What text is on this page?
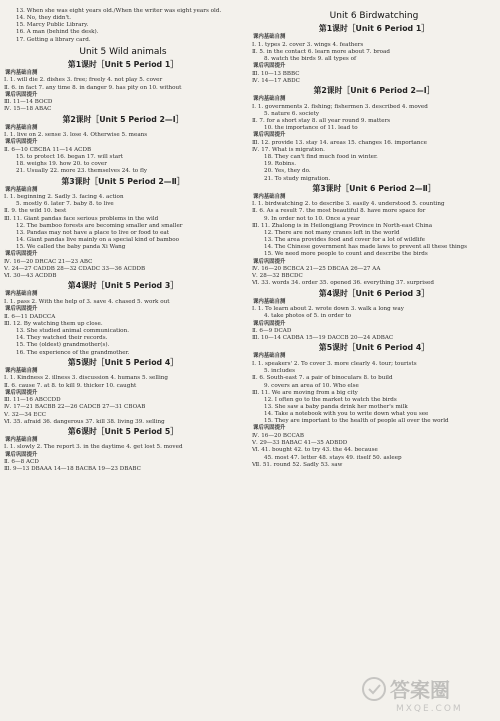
13. When she was eight years old./When the writer was eight years old.
14. No, they didn't.
15. Marcy Public Library.
16. A man (behind the desk).
17. Getting a library card.
Unit 5 Wild animals
第1课时［Unit 5 Period 1］
课内基础自测
Ⅰ. 1. will die 2. dishes 3. free; freely 4. not play 5. cover
Ⅱ. 6. in fact 7. any time 8. in danger 9. has pity on 10. without
课后巩固提升
Ⅲ. 11—14 BOCD
Ⅳ. 15—18 ABAC
第2课时［Unit 5 Period 2—Ⅰ］
课内基础自测
Ⅰ. 1. live on 2. sense 3. lose 4. Otherwise 5. means
课后巩固提升
Ⅱ. 6—10 CBCBA 11—14 ACDB
15. to protect 16. began 17. will start
18. weighs 19. how 20. to cover
21. Usually 22. more 23. themselves 24. to fly
第3课时［Unit 5 Period 2—Ⅱ］
课内基础自测
Ⅰ. 1. beginning 2. Sadly 3. facing 4. action
5. mostly 6. later 7. baby 8. to live
Ⅱ. 9. the wild 10. best
Ⅲ. 11. Giant pandas face serious problems in the wild
12. The bamboo forests are becoming smaller and smaller
13. Pandas may not have a place to live or food to eat
14. Giant pandas live mainly on a special kind of bamboo
15. We called the baby panda Xi Wang
课后巩固提升
Ⅳ. 16—20 DRCAC 21—23 ABC
Ⅴ. 24—27 CADDB 28—32 CDADC 33—36 ACDDB
Ⅵ. 30—43 ACDDB
第4课时［Unit 5 Period 3］
课内基础自测
Ⅰ. 1. pass 2. With the help of 3. save 4. chased 5. work out
课后巩固提升
Ⅱ. 6—11 DADCCA
Ⅲ. 12. By watching them up close.
13. She studied animal communication.
14. They watched their records.
15. The (oldest) grandmother(s).
16. The experience of the grandmother.
第5课时［Unit 5 Period 4］
课内基础自测
Ⅰ. 1. Kindness 2. illness 3. discussion 4. humans 5. selling
Ⅱ. 6. cause 7. at 8. to kill 9. thicker 10. caught
课后巩固提升
Ⅲ. 11—16 ABCCDD
Ⅳ. 17—21 BACBB 22—26 CADCB 27—31 CBOAB
Ⅴ. 32—34 ECC
Ⅵ. 35. afraid 36. dangerous 37. kill 38. living 39. selling
第6课时［Unit 5 Period 5］
课内基础自测
Ⅰ. 1. slowly 2. The report 3. in the daytime 4. get lost 5. moved
课后巩固提升
Ⅱ. 6—8 ACD
Ⅲ. 9—13 DBAAA 14—18 BACBA 19—23 DBABC
Unit 6 Birdwatching
第1课时［Unit 6 Period 1］
课内基础自测
Ⅰ. 1. types 2. cover 3. wings 4. feathers
Ⅱ. 5. in the contact 6. learn more about 7. broad
8. watch the birds 9. all types of
课后巩固提升
Ⅲ. 10—13 BBBC
Ⅳ. 14—17 ABDC
第2课时［Unit 6 Period 2—Ⅰ］
课内基础自测
Ⅰ. 1. governments 2. fishing; fishermen 3. described 4. moved
5. nature 6. society
Ⅱ. 7. for a short stay 8. all year round 9. matters
10. the importance of 11. lead to
课后巩固提升
Ⅲ. 12. provide 13. stay 14. areas 15. changes 16. importance
Ⅳ. 17. What is migration.
18. They can't find much food in winter.
19. Robins.
20. Yes, they do.
21. To study migration.
第3课时［Unit 6 Period 2—Ⅱ］
课内基础自测
Ⅰ. 1. birdwatching 2. to describe 3. easily 4. understood 5. counting
Ⅱ. 6. As a result 7. the most beautiful 8. have more space for
9. In order not to 10. Once a year
Ⅲ. 11. Zhalong is in Heilongjiang Province in North-east China
12. There are not many cranes left in the world
13. The area provides food and cover for a lot of wildlife
14. The Chinese government has made laws to prevent all these things
15. We need more people to count and describe the birds
课后巩固提升
Ⅳ. 16—20 BCBCA 21—25 DBCAA 26—27 AA
Ⅴ. 28—32 BBCDC
Ⅵ. 33. words 34. order 35. opened 36. everything 37. surprised
第4课时［Unit 6 Period 3］
课内基础自测
Ⅰ. 1. To learn about 2. wrote down 3. walk a long way
4. take photos of 5. in order to
课后巩固提升
Ⅱ. 6—9 DCAD
Ⅲ. 10—14 CADBA 15—19 DACCB 20—24 ADBAC
第5课时［Unit 6 Period 4］
课内基础自测
Ⅰ. 1. speakers' 2. To cover 3. more clearly 4. tour; tourists
5. includes
Ⅱ. 6. South-east 7. a pair of binoculars 8. to build
9. covers an area of 10. Who else
Ⅲ. 11. We are moving from a big city
12. I often go to the market to watch the birds
13. She saw a baby panda drink her mother's milk
14. Take a notebook with you to write down what you see
15. They are important to the health of people all over the world
课后巩固提升
Ⅳ. 16—20 BCCAB
Ⅴ. 29—33 BABAC 41—35 ADBDD
Ⅵ. 41. bought 42. to try 43. the 44. because
45. most 47. letter 48. stays 49. itself 50. asleep
Ⅶ. 51. round 52. Sadly 53. saw
答案圈
MXQE.COM
